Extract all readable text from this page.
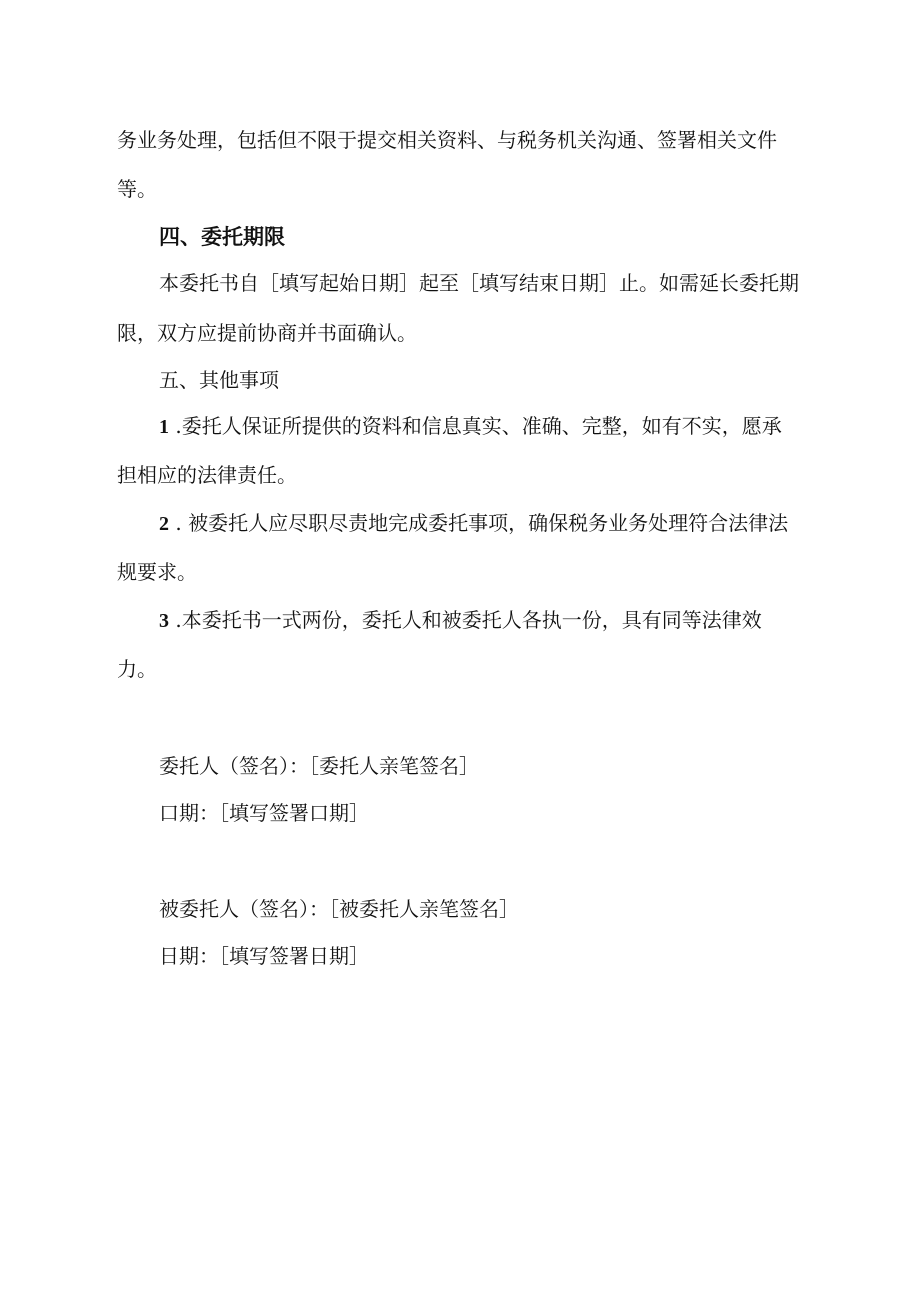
务业务处理，包括但不限于提交相关资料、与税务机关沟通、签署相关文件
等。
四、委托期限
本委托书自［填写起始日期］起至［填写结束日期］止。如需延长委托期
限，双方应提前协商并书面确认。
五、其他事项
1 .委托人保证所提供的资料和信息真实、准确、完整，如有不实，愿承
担相应的法律责任。
2 . 被委托人应尽职尽责地完成委托事项，确保税务业务处理符合法律法
规要求。
3 .本委托书一式两份，委托人和被委托人各执一份，具有同等法律效
力。
委托人（签名）：［委托人亲笔签名］
口期：［填写签署口期］
被委托人（签名）：［被委托人亲笔签名］
日期：［填写签署日期］
